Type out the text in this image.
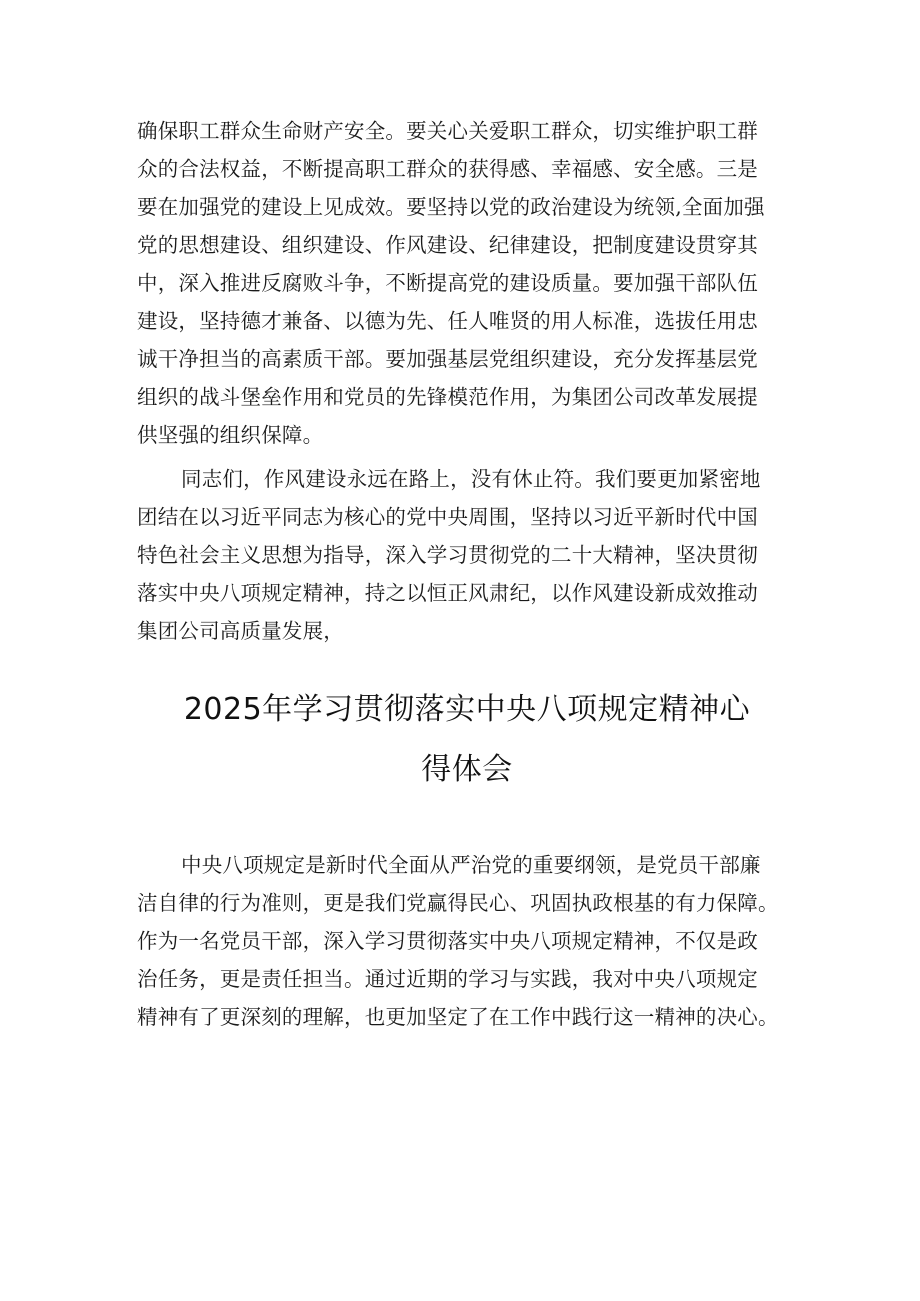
确保职工群众生命财产安全。要关心关爱职工群众，切实维护职工群

众的合法权益，不断提高职工群众的获得感、幸福感、安全感。三是

要在加强党的建设上见成效。要坚持以党的政治建设为统领,全面加强

党的思想建设、组织建设、作风建设、纪律建设，把制度建设贯穿其

中，深入推进反腐败斗争，不断提高党的建设质量。要加强干部队伍

建设，坚持德才兼备、以德为先、任人唯贤的用人标准，选拔任用忠

诚干净担当的高素质干部。要加强基层党组织建设，充分发挥基层党

组织的战斗堡垒作用和党员的先锋模范作用，为集团公司改革发展提

供坚强的组织保障。

同志们，作风建设永远在路上，没有休止符。我们要更加紧密地

团结在以习近平同志为核心的党中央周围，坚持以习近平新时代中国

特色社会主义思想为指导，深入学习贯彻党的二十大精神，坚决贯彻

落实中央八项规定精神，持之以恒正风肃纪，以作风建设新成效推动

集团公司高质量发展，

2025年学习贯彻落实中央八项规定精神心
得体会

中央八项规定是新时代全面从严治党的重要纲领，是党员干部廉

洁自律的行为准则，更是我们党赢得民心、巩固执政根基的有力保障。

作为一名党员干部，深入学习贯彻落实中央八项规定精神，不仅是政

治任务，更是责任担当。通过近期的学习与实践，我对中央八项规定

精神有了更深刻的理解，也更加坚定了在工作中践行这一精神的决心。
